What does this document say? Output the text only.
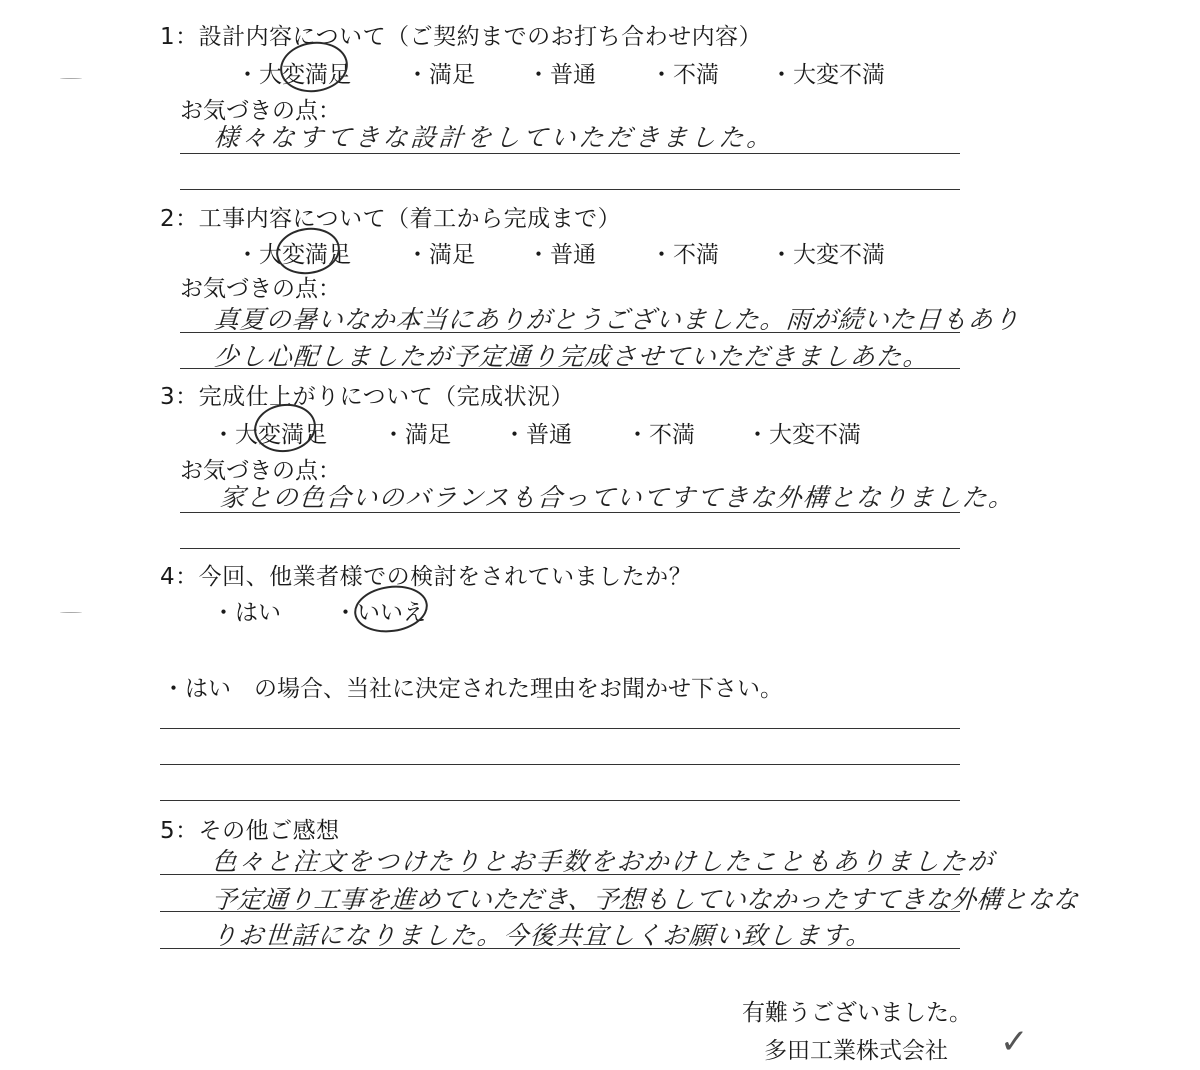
1：設計内容について（ご契約までのお打ち合わせ内容）
・大変満足 ・満足 ・普通 ・不満 ・大変不満
お気づきの点：
様々なすてきな設計をしていただきました。
2：工事内容について（着工から完成まで）
・大変満足 ・満足 ・普通 ・不満 ・大変不満
お気づきの点：
真夏の暑いなか本当にありがとうございました。雨が続いた日もあり
少し心配しましたが予定通り完成させていただきましあた。
3：完成仕上がりについて（完成状況）
・大変満足 ・満足 ・普通 ・不満 ・大変不満
お気づきの点：
家との色合いのバランスも合っていてすてきな外構となりました。
4：今回、他業者様での検討をされていましたか？
・はい ・いいえ
・はい　の場合、当社に決定された理由をお聞かせ下さい。
5：その他ご感想
色々と注文をつけたりとお手数をおかけしたこともありましたが
予定通り工事を進めていただき、予想もしていなかったすてきな外構となな
りお世話になりました。今後共宜しくお願い致します。
有難うございました。
多田工業株式会社 ✓
